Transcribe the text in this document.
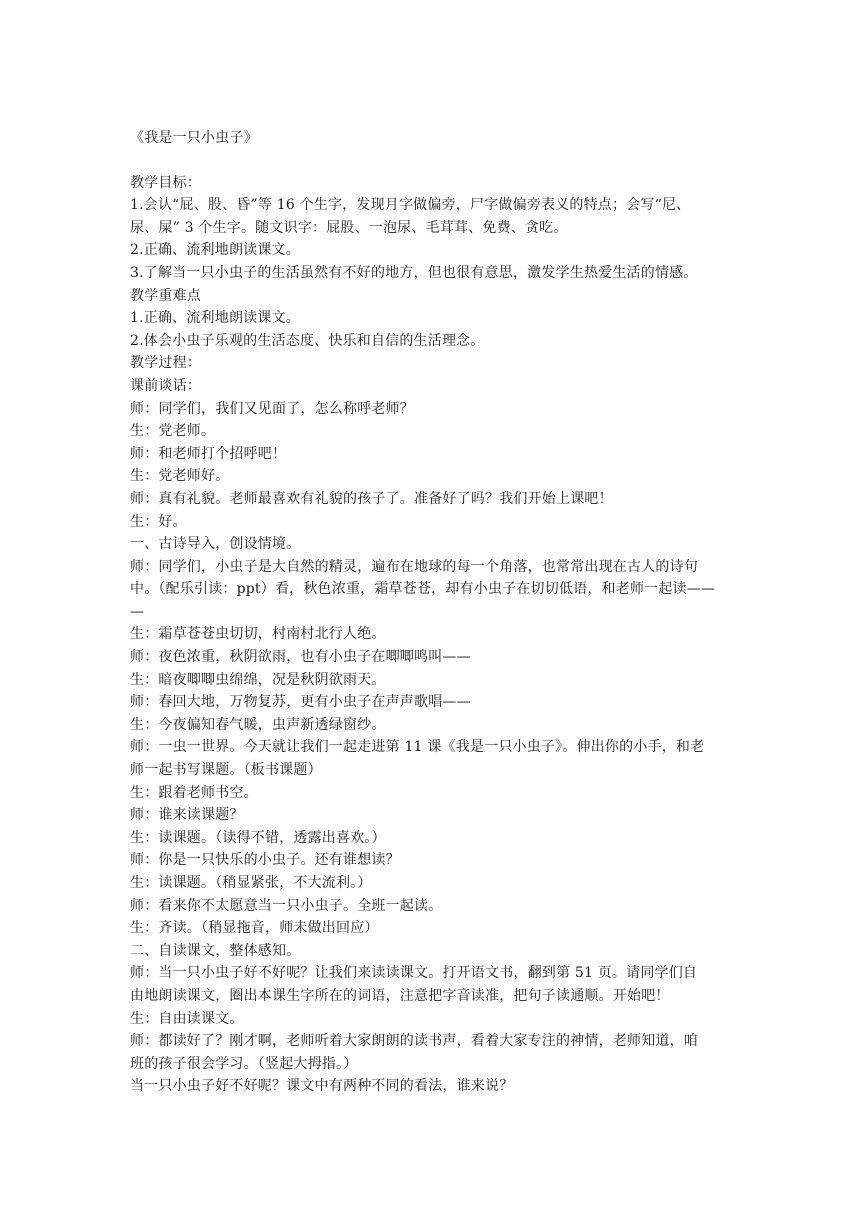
《我是一只小虫子》
教学目标：
1.会认“屁、股、昏”等 16 个生字，发现月字做偏旁，尸字做偏旁表义的特点；会写“尼、
尿、屎” 3 个生字。随文识字：屁股、一泡尿、毛茸茸、免费、贪吃。
2.正确、流利地朗读课文。
3.了解当一只小虫子的生活虽然有不好的地方，但也很有意思，激发学生热爱生活的情感。
教学重难点
1.正确、流利地朗读课文。
2.体会小虫子乐观的生活态度、快乐和自信的生活理念。
教学过程：
课前谈话：
师：同学们，我们又见面了，怎么称呼老师？
生：党老师。
师：和老师打个招呼吧！
生：党老师好。
师：真有礼貌。老师最喜欢有礼貌的孩子了。准备好了吗？我们开始上课吧！
生：好。
一、古诗导入，创设情境。
师：同学们，小虫子是大自然的精灵，遍布在地球的每一个角落，也常常出现在古人的诗句
中。（配乐引读：ppt）看，秋色浓重，霜草苍苍，却有小虫子在切切低语，和老师一起读——
—
生：霜草苍苍虫切切，村南村北行人绝。
师：夜色浓重，秋阴欲雨，也有小虫子在唧唧鸣叫——
生：暗夜唧唧虫绵绵，况是秋阴欲雨天。
师：春回大地，万物复苏，更有小虫子在声声歌唱——
生：今夜偏知春气暖，虫声新透绿窗纱。
师：一虫一世界。今天就让我们一起走进第 11 课《我是一只小虫子》。伸出你的小手，和老
师一起书写课题。（板书课题）
生：跟着老师书空。
师：谁来读课题？
生：读课题。（读得不错，透露出喜欢。）
师：你是一只快乐的小虫子。还有谁想读？
生：读课题。（稍显紧张，不大流利。）
师：看来你不太愿意当一只小虫子。全班一起读。
生：齐读。（稍显拖音，师未做出回应）
二、自读课文，整体感知。
师：当一只小虫子好不好呢？让我们来读读课文。打开语文书，翻到第 51 页。请同学们自
由地朗读课文，圈出本课生字所在的词语，注意把字音读准，把句子读通顺。开始吧！
生：自由读课文。
师：都读好了？刚才啊，老师听着大家朗朗的读书声，看着大家专注的神情，老师知道，咱
班的孩子很会学习。（竖起大拇指。）
当一只小虫子好不好呢？课文中有两种不同的看法，谁来说？
